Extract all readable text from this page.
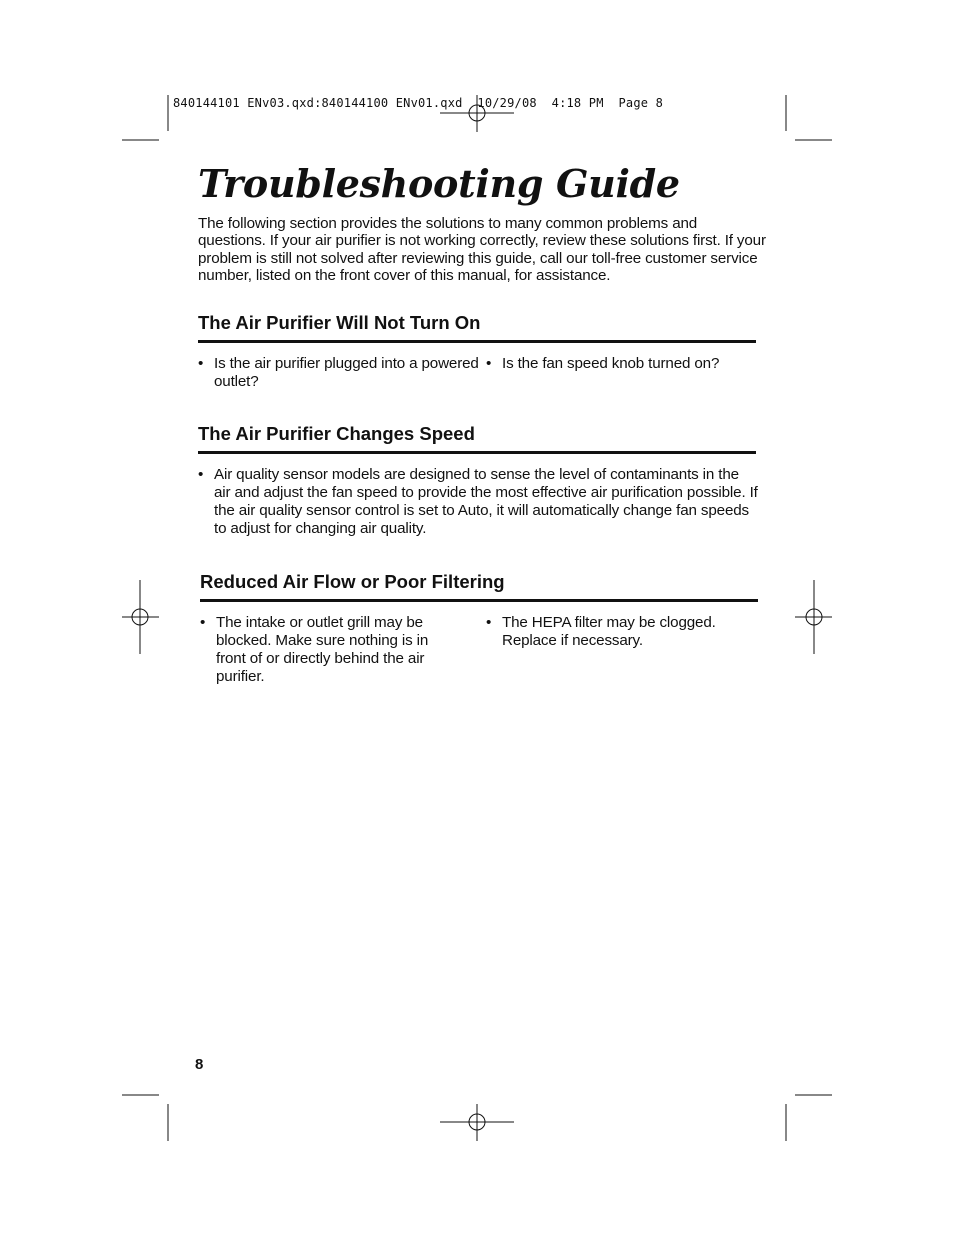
840144101 ENv03.qxd:840144100 ENv01.qxd  10/29/08  4:18 PM  Page 8
Troubleshooting Guide

The following section provides the solutions to many common problems and questions. If your air purifier is not working correctly, review these solutions first. If your problem is still not solved after reviewing this guide, call our toll-free customer service number, listed on the front cover of this manual, for assistance.

The Air Purifier Will Not Turn On
• Is the air purifier plugged into a powered outlet?
• Is the fan speed knob turned on?
The Air Purifier Changes Speed
• Air quality sensor models are designed to sense the level of contaminants in the air and adjust the fan speed to provide the most effective air purification possible. If the air quality sensor control is set to Auto, it will automatically change fan speeds to adjust for changing air quality.
Reduced Air Flow or Poor Filtering
• The intake or outlet grill may be blocked. Make sure nothing is in front of or directly behind the air purifier.
• The HEPA filter may be clogged. Replace if necessary.
8
